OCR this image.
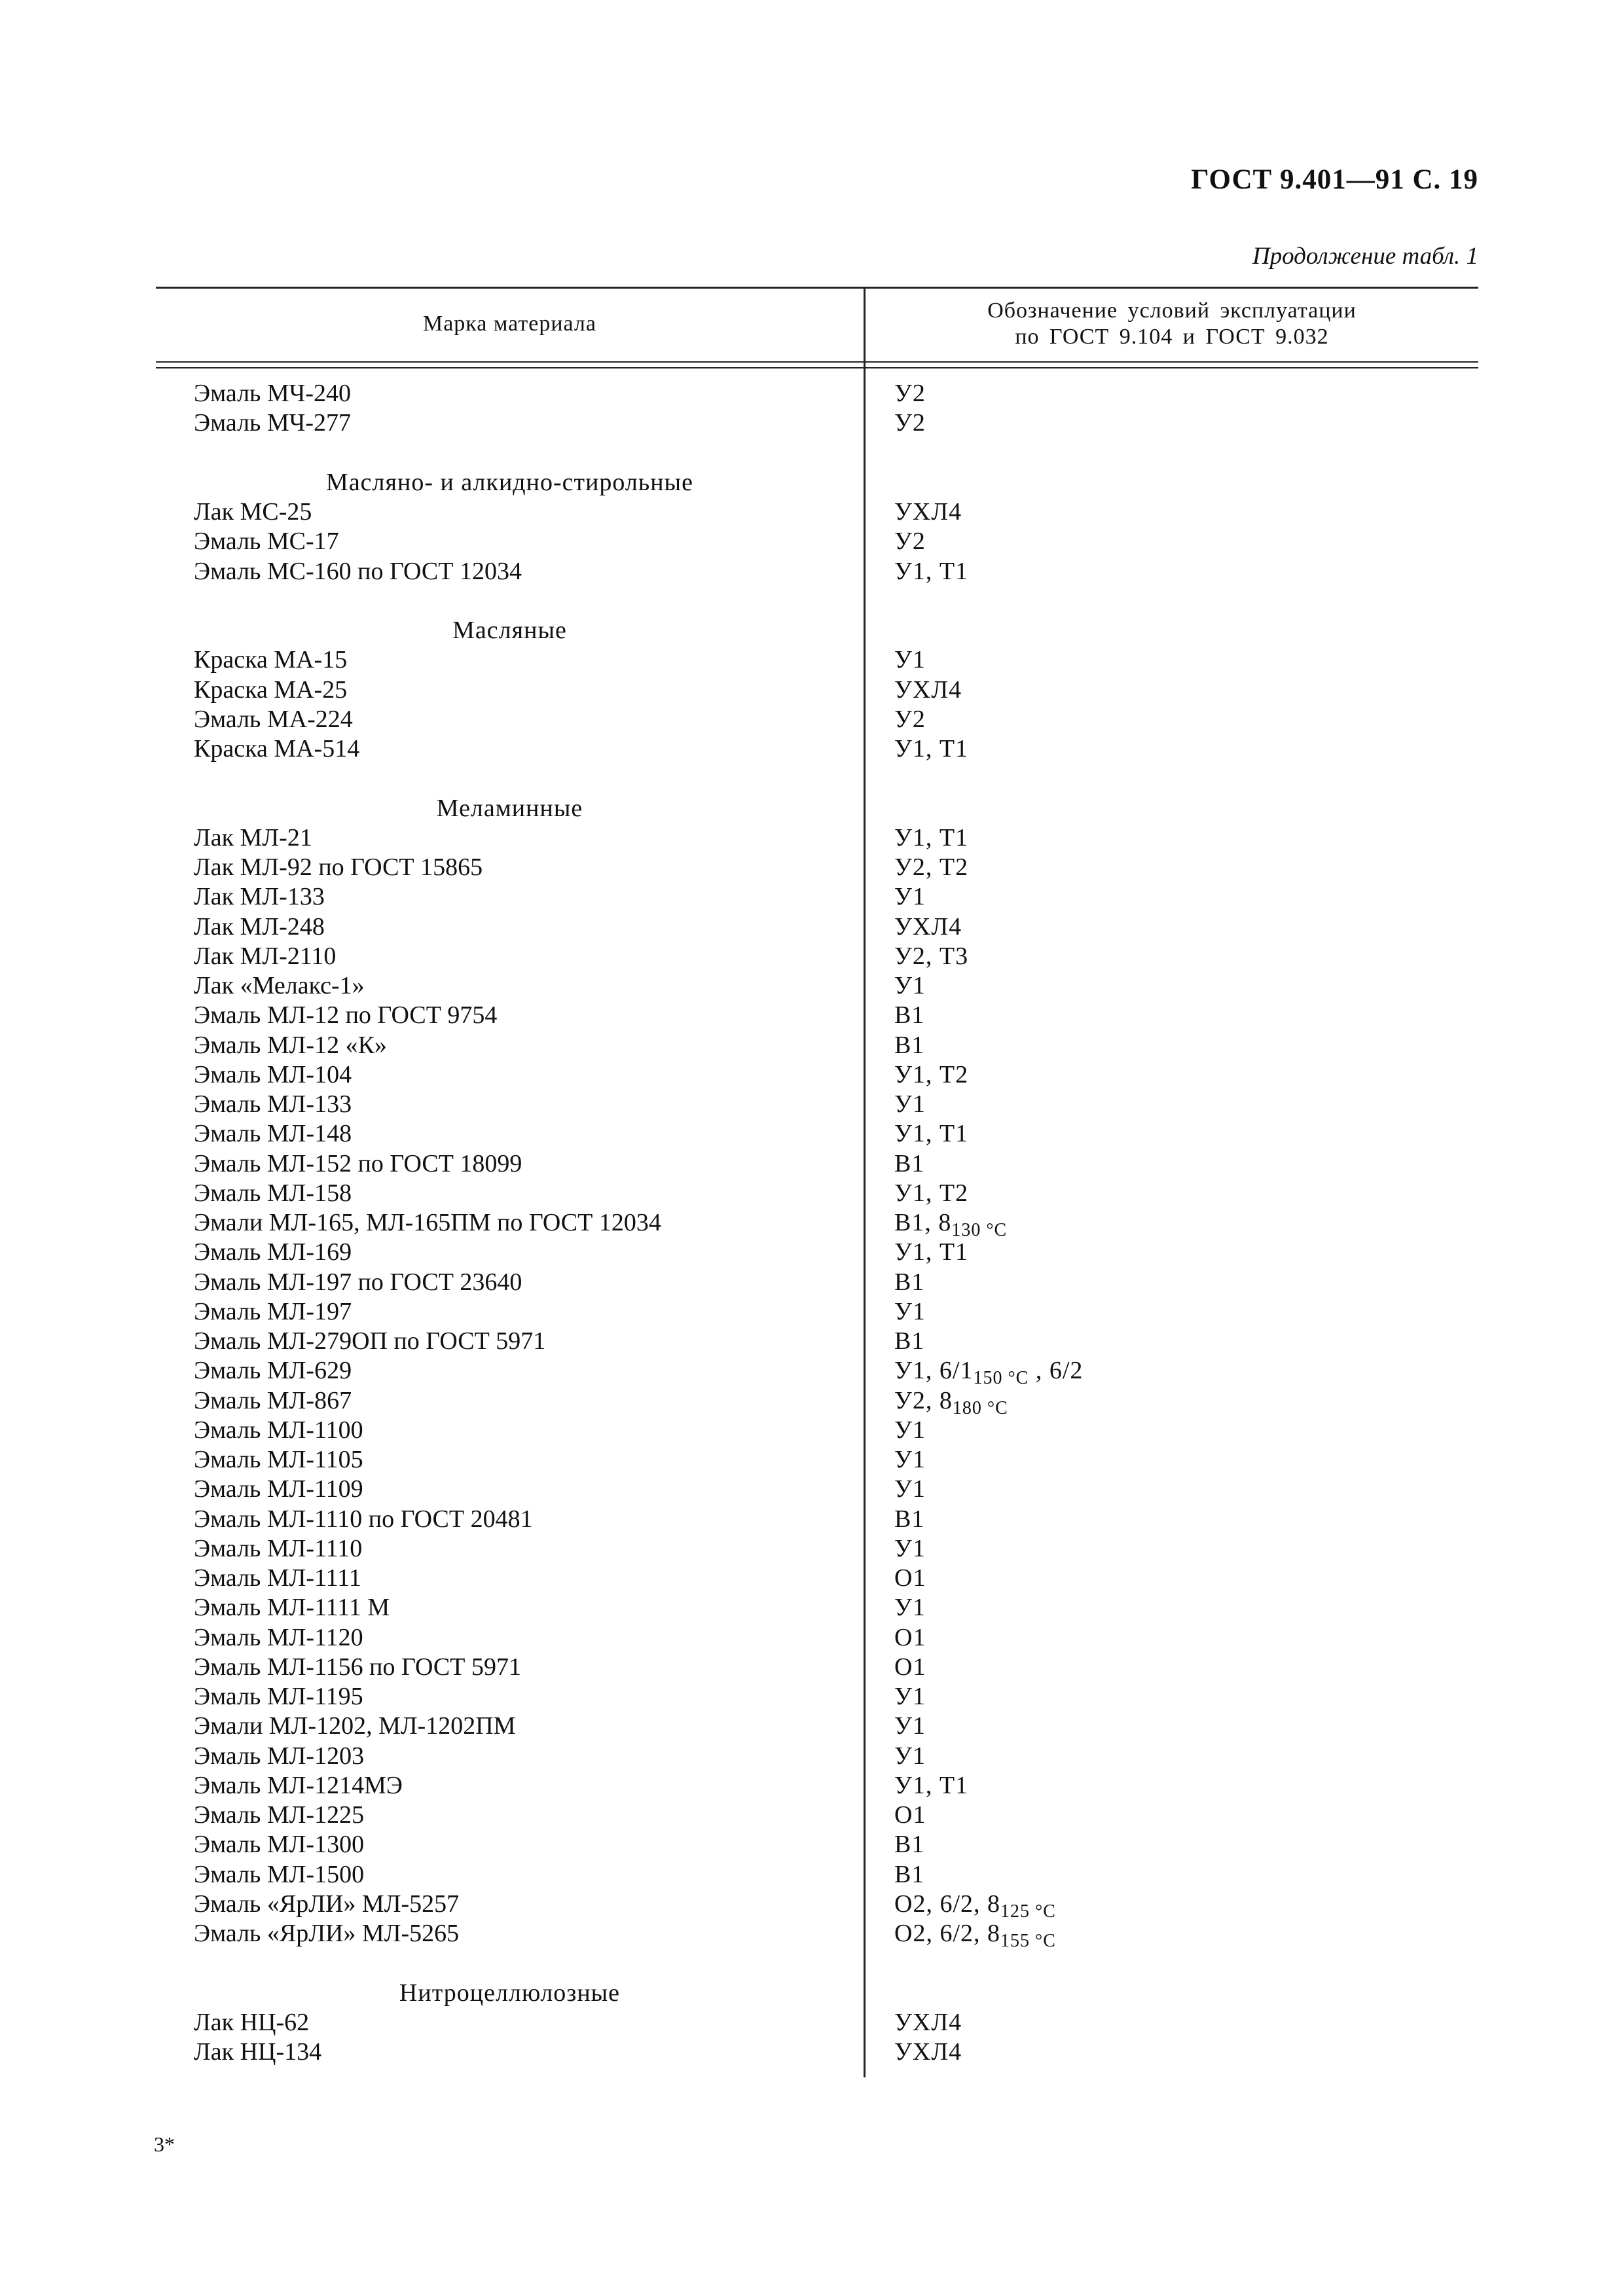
ГОСТ 9.401—91 С. 19
Продолжение табл. 1
Марка материала
Обозначение условий эксплуатации
по ГОСТ 9.104 и ГОСТ 9.032
Эмаль МЧ-240	У2
Эмаль МЧ-277	У2
Масляно- и алкидно-стирольные
Лак МС-25	УХЛ4
Эмаль МС-17	У2
Эмаль МС-160 по ГОСТ 12034	У1, Т1
Масляные
Краска МА-15	У1
Краска МА-25	УХЛ4
Эмаль МА-224	У2
Краска МА-514	У1, Т1
Меламинные
Лак МЛ-21	У1, Т1
Лак МЛ-92 по ГОСТ 15865	У2, Т2
Лак МЛ-133	У1
Лак МЛ-248	УХЛ4
Лак МЛ-2110	У2, Т3
Лак «Мелакс-1»	У1
Эмаль МЛ-12 по ГОСТ 9754	В1
Эмаль МЛ-12 «К»	В1
Эмаль МЛ-104	У1, Т2
Эмаль МЛ-133	У1
Эмаль МЛ-148	У1, Т1
Эмаль МЛ-152 по ГОСТ 18099	В1
Эмаль МЛ-158	У1, Т2
Эмали МЛ-165, МЛ-165ПМ по ГОСТ 12034	В1, $8_{130 ^\circ С}$
Эмаль МЛ-169	У1, Т1
Эмаль МЛ-197 по ГОСТ 23640	В1
Эмаль МЛ-197	У1
Эмаль МЛ-279ОП по ГОСТ 5971	В1
Эмаль МЛ-629	У1, $6/1_{150 ^\circ С}$ , 6/2
Эмаль МЛ-867	У2, $8_{180 ^\circ С}$
Эмаль МЛ-1100	У1
Эмаль МЛ-1105	У1
Эмаль МЛ-1109	У1
Эмаль МЛ-1110 по ГОСТ 20481	В1
Эмаль МЛ-1110	У1
Эмаль МЛ-1111	О1
Эмаль МЛ-1111 М	У1
Эмаль МЛ-1120	О1
Эмаль МЛ-1156 по ГОСТ 5971	О1
Эмаль МЛ-1195	У1
Эмали МЛ-1202, МЛ-1202ПМ	У1
Эмаль МЛ-1203	У1
Эмаль МЛ-1214МЭ	У1, Т1
Эмаль МЛ-1225	О1
Эмаль МЛ-1300	В1
Эмаль МЛ-1500	В1
Эмаль «ЯрЛИ» МЛ-5257	О2, 6/2, $8_{125 ^\circ С}$
Эмаль «ЯрЛИ» МЛ-5265	О2, 6/2, $8_{155 ^\circ С}$
Нитроцеллюлозные
Лак НЦ-62	УХЛ4
Лак НЦ-134	УХЛ4
3*
